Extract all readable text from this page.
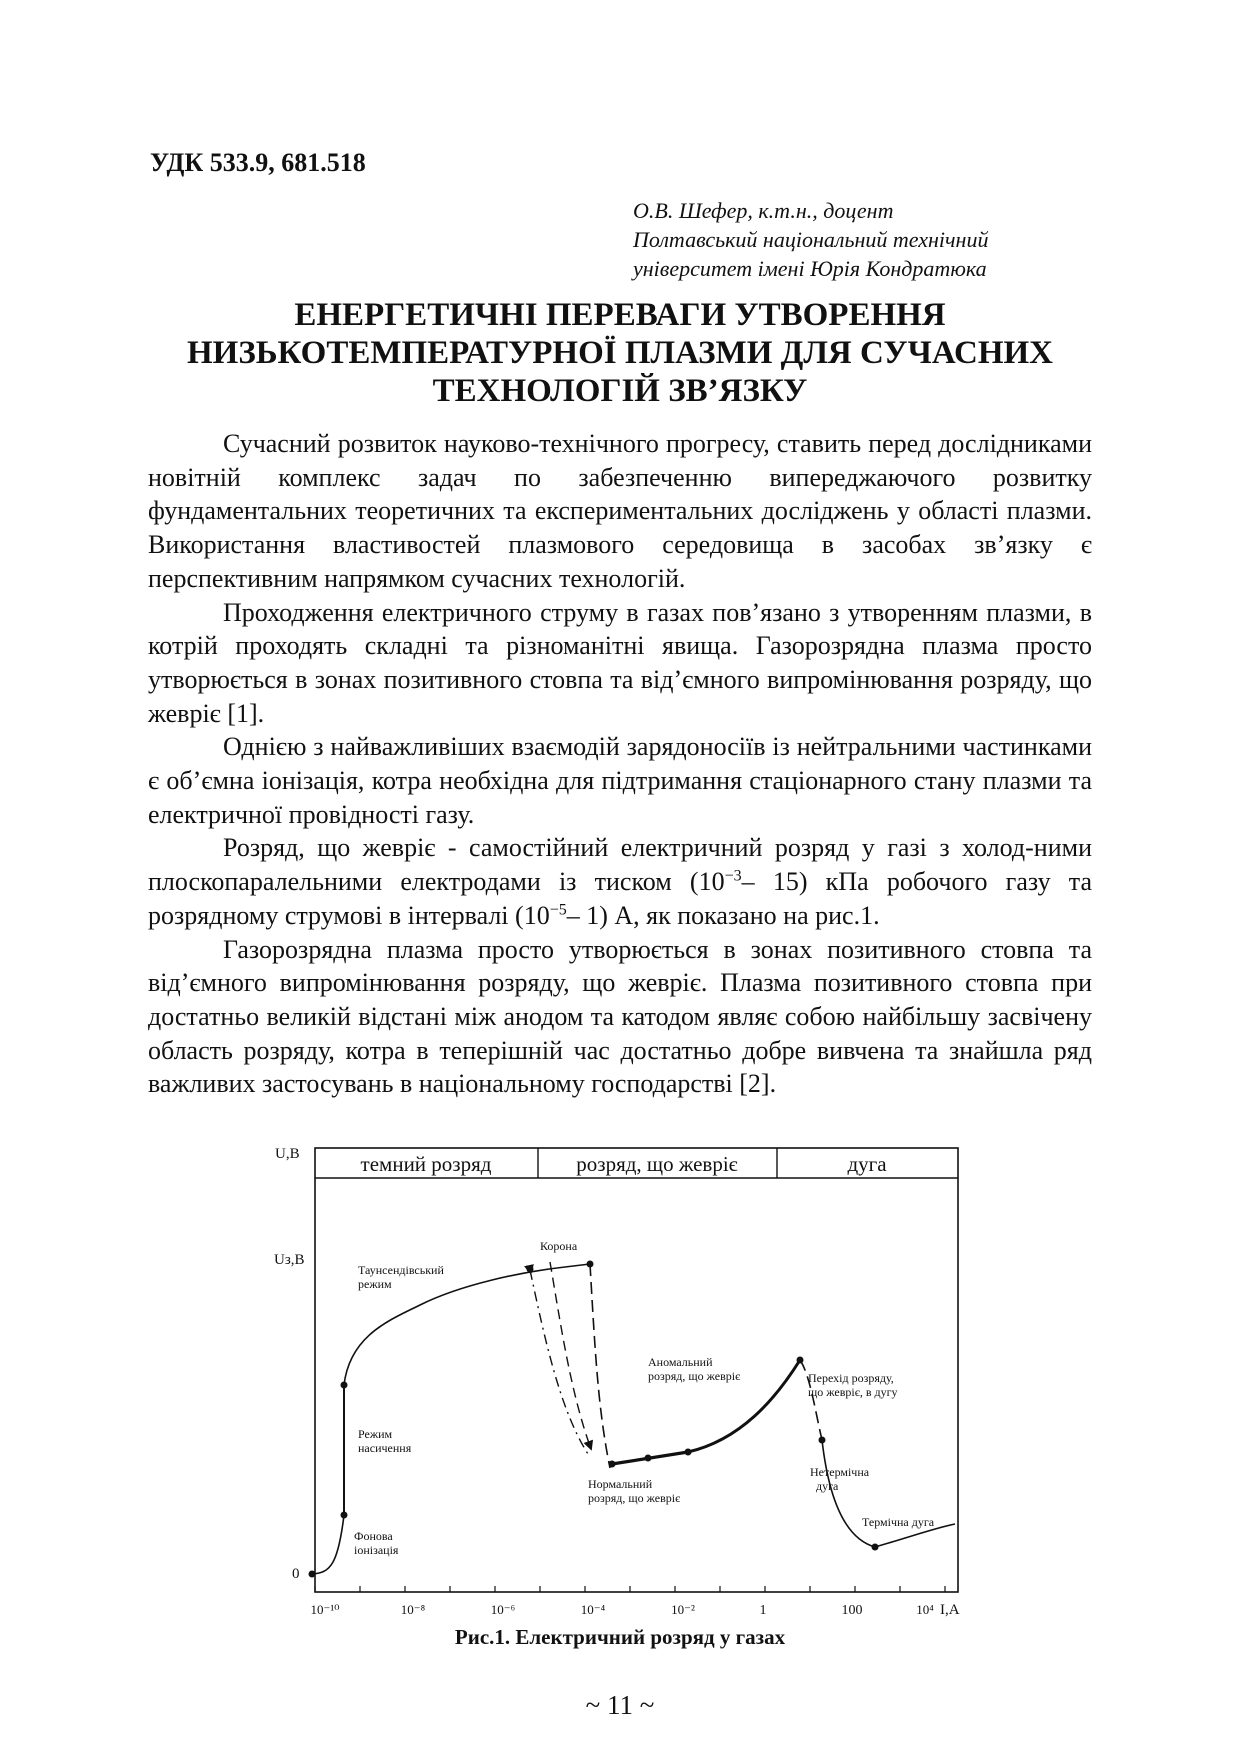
УДК 533.9, 681.518
О.В. Шефер, к.т.н., доцент
Полтавський національний технічний
університет імені Юрія Кондратюка
ЕНЕРГЕТИЧНІ ПЕРЕВАГИ УТВОРЕННЯ
НИЗЬКОТЕМПЕРАТУРНОЇ ПЛАЗМИ ДЛЯ СУЧАСНИХ
ТЕХНОЛОГІЙ ЗВ’ЯЗКУ

Сучасний розвиток науково-технічного прогресу, ставить перед дослідниками новітній комплекс задач по забезпеченню випереджаючого розвитку фундаментальних теоретичних та експериментальних досліджень у області плазми. Використання властивостей плазмового середовища в засобах зв’язку є перспективним напрямком сучасних технологій.

Проходження електричного струму в газах пов’язано з утворенням плазми, в котрій проходять складні та різноманітні явища. Газорозрядна плазма просто утворюється в зонах позитивного стовпа та від’ємного випромінювання розряду, що жевріє [1].

Однією з найважливіших взаємодій зарядоносіїв із нейтральними частинками є об’ємна іонізація, котра необхідна для підтримання стаціонарного стану плазми та електричної провідності газу.

Розряд, що жевріє - самостійний електричний розряд у газі з холод-ними плоскопаралельними електродами із тиском ($10^{-3}-$ 15) кПа робочого газу та розрядному струмові в інтервалі ($10^{-5}-$ 1) А, як показано на рис.1.

Газорозрядна плазма просто утворюється в зонах позитивного стовпа та від’ємного випромінювання розряду, що жевріє. Плазма позитивного стовпа при достатньо великій відстані між анодом та катодом являє собою найбільшу засвічену область розряду, котра в теперішній час достатньо добре вивчена та знайшла ряд важливих застосувань в національному господарстві [2].

темний розряд	розряд, що жевріє	дуга
U,B
Uз,B
0
10⁻¹⁰	10⁻⁸	10⁻⁶	10⁻⁴	10⁻²	1	100	10⁴ I,A
Корона
Таунсендівський
режим
Режим
насичення
Фонова
іонізація
Аномальний
розряд, що жевріє
Нормальний
розряд, що жевріє
Перехід розряду,
що жевріє, в дугу
Нетермічна
дуга
Термічна дуга
Рис.1. Електричний розряд у газах
~ 11 ~
